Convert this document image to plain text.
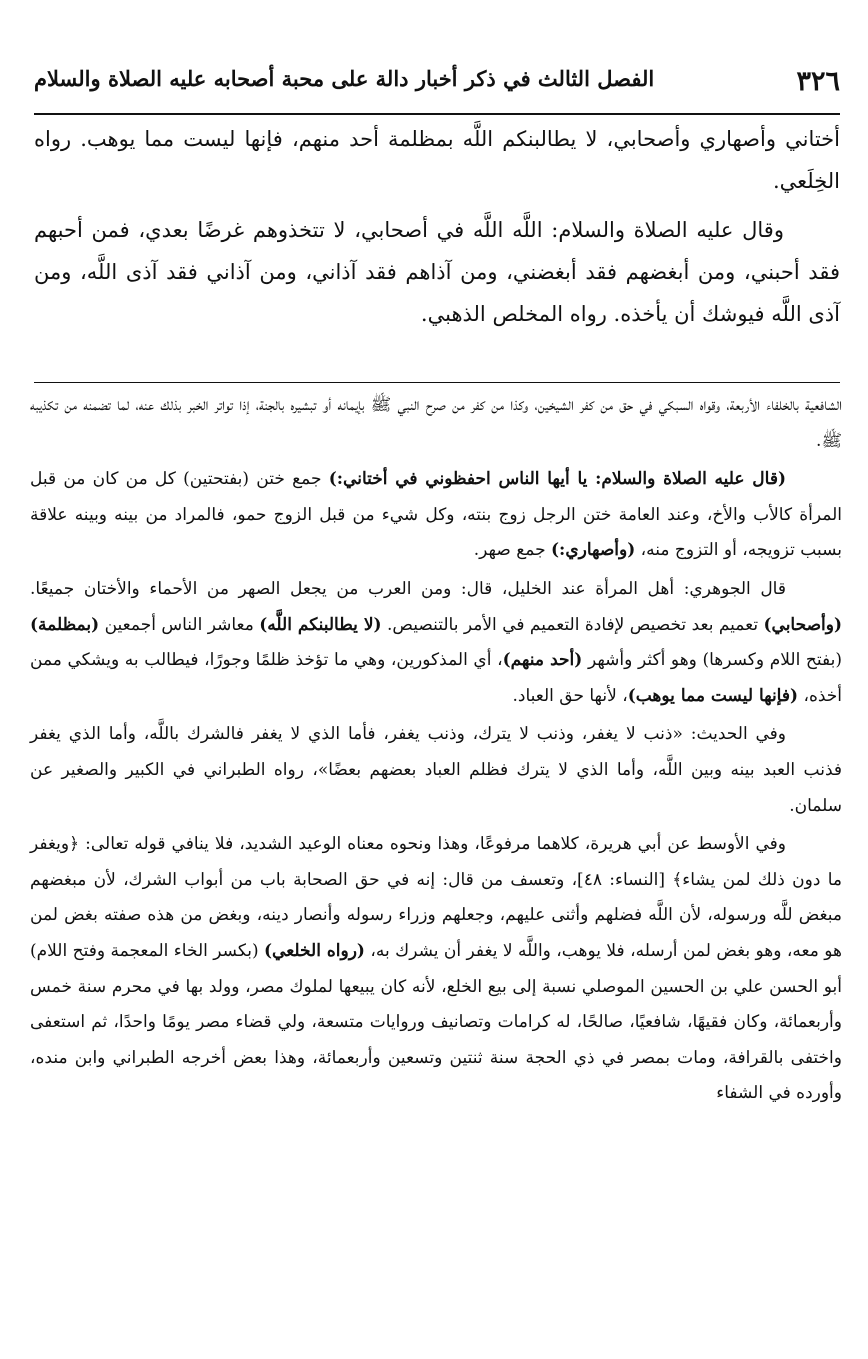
٣٢٦
الفصل الثالث في ذكر أخبار دالة على محبة أصحابه عليه الصلاة والسلام

أختاني وأصهاري وأصحابي، لا يطالبنكم اللَّه بمظلمة أحد منهم، فإنها ليست مما يوهب. رواه الخِلَعي.

وقال عليه الصلاة والسلام: اللَّه اللَّه في أصحابي، لا تتخذوهم غرضًا بعدي، فمن أحبهم فقد أحبني، ومن أبغضهم فقد أبغضني، ومن آذاهم فقد آذاني، ومن آذاني فقد آذى اللَّه، ومن آذى اللَّه فيوشك أن يأخذه. رواه المخلص الذهبي.

الشافعية بالخلفاء الأربعة، وقواه السبكي في حق من كفر الشيخين، وكذا من كفر من صرح النبي ﷺ بإيمانه أو تبشيره بالجنة، إذا تواتر الخبر بذلك عنه، لما تضمنه من تكذيبه ﷺ.

(قال عليه الصلاة والسلام: يا أيها الناس احفظوني في أختاني:) جمع ختن (بفتحتين) كل من كان من قبل المرأة كالأب والأخ، وعند العامة ختن الرجل زوج بنته، وكل شيء من قبل الزوج حمو، فالمراد من بينه وبينه علاقة بسبب تزويجه، أو التزوج منه، (وأصهاري:) جمع صهر.

قال الجوهري: أهل المرأة عند الخليل، قال: ومن العرب من يجعل الصهر من الأحماء والأختان جميعًا. (وأصحابي) تعميم بعد تخصيص لإفادة التعميم في الأمر بالتنصيص. (لا يطالبنكم اللَّه) معاشر الناس أجمعين (بمظلمة) (بفتح اللام وكسرها) وهو أكثر وأشهر (أحد منهم)، أي المذكورين، وهي ما تؤخذ ظلمًا وجورًا، فيطالب به ويشكي ممن أخذه، (فإنها ليست مما يوهب)، لأنها حق العباد.

وفي الحديث: «ذنب لا يغفر، وذنب لا يترك، وذنب يغفر، فأما الذي لا يغفر فالشرك باللَّه، وأما الذي يغفر فذنب العبد بينه وبين اللَّه، وأما الذي لا يترك فظلم العباد بعضهم بعضًا»، رواه الطبراني في الكبير والصغير عن سلمان.

وفي الأوسط عن أبي هريرة، كلاهما مرفوعًا، وهذا ونحوه معناه الوعيد الشديد، فلا ينافي قوله تعالى: ﴿ويغفر ما دون ذلك لمن يشاء﴾ [النساء: ٤٨]، وتعسف من قال: إنه في حق الصحابة باب من أبواب الشرك، لأن مبغضهم مبغض للَّه ورسوله، لأن اللَّه فضلهم وأثنى عليهم، وجعلهم وزراء رسوله وأنصار دينه، وبغض من هذه صفته بغض لمن هو معه، وهو بغض لمن أرسله، فلا يوهب، واللَّه لا يغفر أن يشرك به، (رواه الخلعي) (بكسر الخاء المعجمة وفتح اللام) أبو الحسن علي بن الحسين الموصلي نسبة إلى بيع الخلع، لأنه كان يبيعها لملوك مصر، وولد بها في محرم سنة خمس وأربعمائة، وكان فقيهًا، شافعيًا، صالحًا، له كرامات وتصانيف وروايات متسعة، ولي قضاء مصر يومًا واحدًا، ثم استعفى واختفى بالقرافة، ومات بمصر في ذي الحجة سنة ثنتين وتسعين وأربعمائة، وهذا بعض أخرجه الطبراني وابن منده، وأورده في الشفاء
